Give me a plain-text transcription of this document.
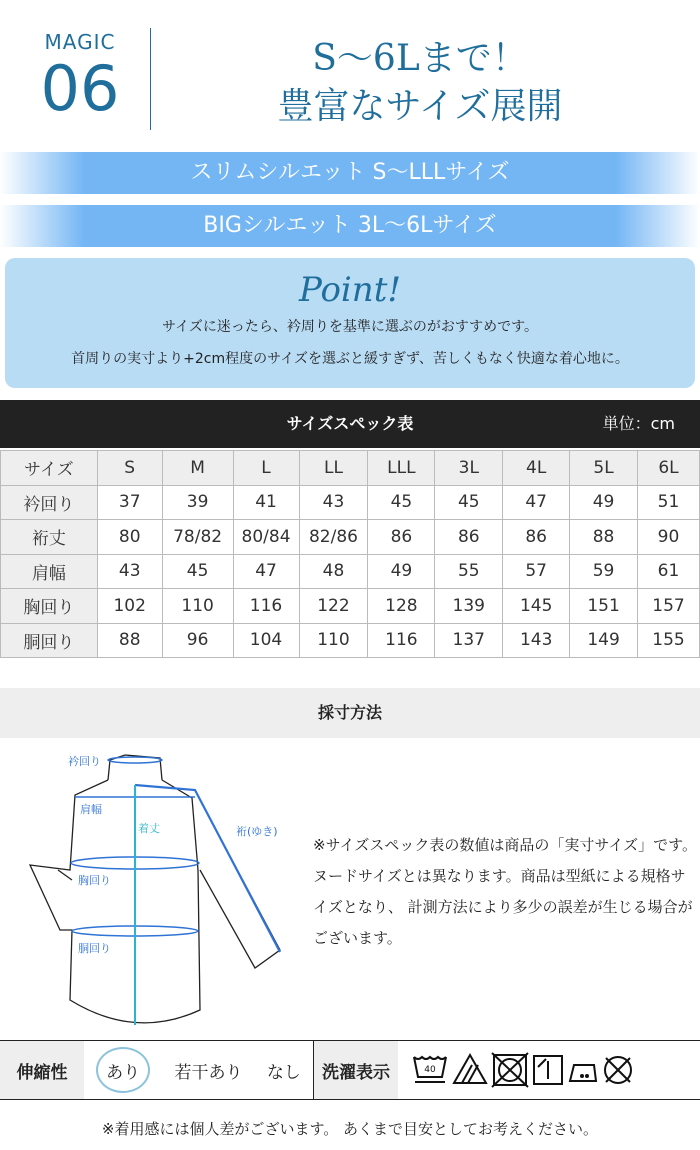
MAGIC
06	S〜6Lまで！
豊富なサイズ展開
スリムシルエット S〜LLLサイズ
BIGシルエット 3L〜6Lサイズ
Point!
サイズに迷ったら、衿周りを基準に選ぶのがおすすめです。
首周りの実寸より+2cm程度のサイズを選ぶと緩すぎず、苦しくもなく快適な着心地に。
サイズスペック表	単位：cm
サイズ	S	M	L	LL	LLL	3L	4L	5L	6L
衿回り	37	39	41	43	45	45	47	49	51
裄丈	80	78/82	80/84	82/86	86	86	86	88	90
肩幅	43	45	47	48	49	55	57	59	61
胸回り	102	110	116	122	128	139	145	151	157
胴回り	88	96	104	110	116	137	143	149	155
採寸方法
衿回り
肩幅
裄(ゆき)
胸回り
胴回り
着丈
※サイズスペック表の数値は商品の「実寸サイズ」です。 ヌードサイズとは異なります。商品は型紙による規格サイズとなり、 計測方法により多少の誤差が生じる場合がございます。
伸縮性	あり	若干あり なし	洗濯表示	40
※着用感には個人差がございます。 あくまで目安としてお考えください。
